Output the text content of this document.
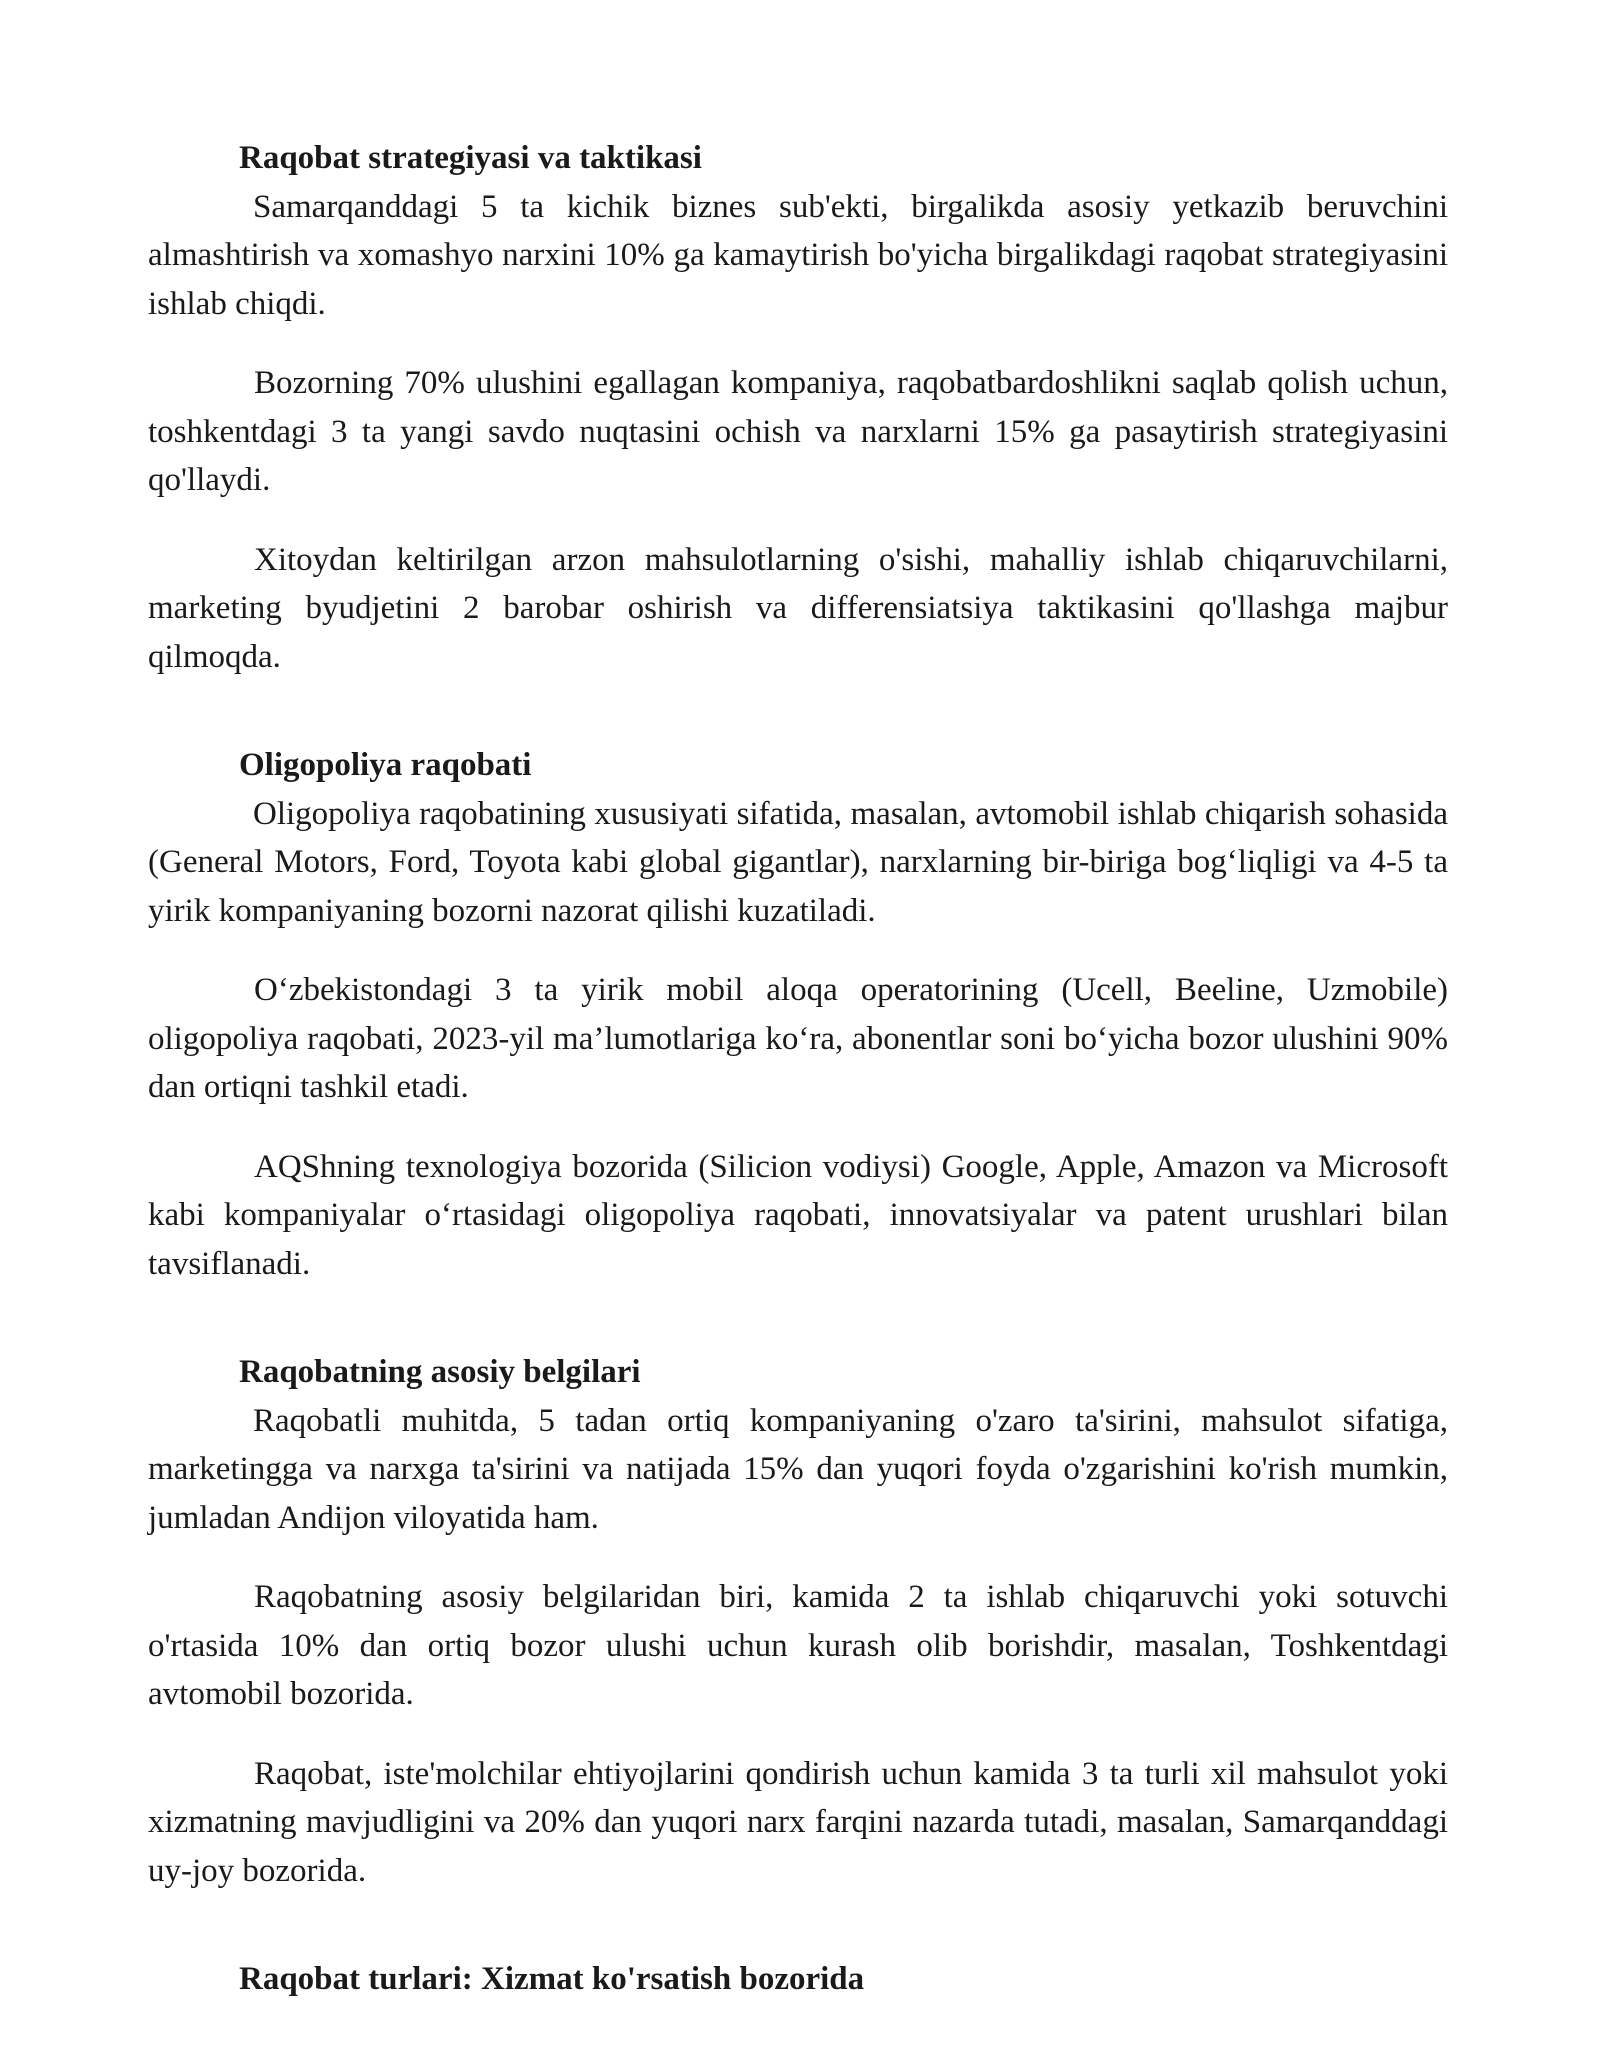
Raqobat strategiyasi va taktikasi

Samarqanddagi 5 ta kichik biznes sub'ekti, birgalikda asosiy yetkazib beruvchini almashtirish va xomashyo narxini 10% ga kamaytirish bo'yicha birgalikdagi raqobat strategiyasini ishlab chiqdi.

Bozorning 70% ulushini egallagan kompaniya, raqobatbardoshlikni saqlab qolish uchun, toshkentdagi 3 ta yangi savdo nuqtasini ochish va narxlarni 15% ga pasaytirish strategiyasini qo'llaydi.

Xitoydan keltirilgan arzon mahsulotlarning o'sishi, mahalliy ishlab chiqaruvchilarni, marketing byudjetini 2 barobar oshirish va differensiatsiya taktikasini qo'llashga majbur qilmoqda.

Oligopoliya raqobati

Oligopoliya raqobatining xususiyati sifatida, masalan, avtomobil ishlab chiqarish sohasida (General Motors, Ford, Toyota kabi global gigantlar), narxlarning bir-biriga bog‘liqligi va 4-5 ta yirik kompaniyaning bozorni nazorat qilishi kuzatiladi.

O‘zbekistondagi 3 ta yirik mobil aloqa operatorining (Ucell, Beeline, Uzmobile) oligopoliya raqobati, 2023-yil ma’lumotlariga ko‘ra, abonentlar soni bo‘yicha bozor ulushini 90% dan ortiqni tashkil etadi.

AQShning texnologiya bozorida (Silicion vodiysi) Google, Apple, Amazon va Microsoft kabi kompaniyalar o‘rtasidagi oligopoliya raqobati, innovatsiyalar va patent urushlari bilan tavsiflanadi.

Raqobatning asosiy belgilari

Raqobatli muhitda, 5 tadan ortiq kompaniyaning o'zaro ta'sirini, mahsulot sifatiga, marketingga va narxga ta'sirini va natijada 15% dan yuqori foyda o'zgarishini ko'rish mumkin, jumladan Andijon viloyatida ham.

Raqobatning asosiy belgilaridan biri, kamida 2 ta ishlab chiqaruvchi yoki sotuvchi o'rtasida 10% dan ortiq bozor ulushi uchun kurash olib borishdir, masalan, Toshkentdagi avtomobil bozorida.

Raqobat, iste'molchilar ehtiyojlarini qondirish uchun kamida 3 ta turli xil mahsulot yoki xizmatning mavjudligini va 20% dan yuqori narx farqini nazarda tutadi, masalan, Samarqanddagi uy-joy bozorida.

Raqobat turlari: Xizmat ko'rsatish bozorida
